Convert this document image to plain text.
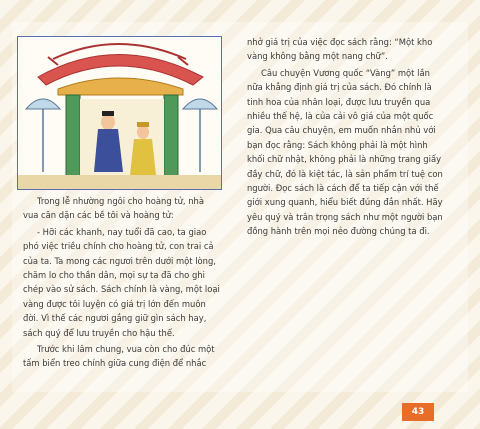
Trong lễ nhường ngôi cho hoàng tử, nhà vua căn dặn các bề tôi và hoàng tử:

- Hỡi các khanh, nay tuổi đã cao, ta giao phó việc triều chính cho hoàng tử, con trai cả của ta. Ta mong các ngươi trên dưới một lòng, chăm lo cho thần dân, mọi sự ta đã cho ghi chép vào sử sách. Sách chính là vàng, một loại vàng được tôi luyện có giá trị lớn đến muôn đời. Vì thế các ngươi gắng giữ gìn sách hay, sách quý để lưu truyền cho hậu thế.

Trước khi lâm chung, vua còn cho đúc một tấm biển treo chính giữa cung điện để nhắc

nhở giá trị của việc đọc sách rằng: “Một kho vàng không bằng một nang chữ”.

Câu chuyện Vương quốc “Vàng” một lần nữa khẳng định giá trị của sách. Đó chính là tinh hoa của nhân loại, được lưu truyền qua nhiều thế hệ, là của cải vô giá của một quốc gia. Qua câu chuyện, em muốn nhắn nhủ với bạn đọc rằng: Sách không phải là một hình khối chữ nhật, không phải là những trang giấy đầy chữ, đó là kiệt tác, là sản phẩm trí tuệ con người. Đọc sách là cách để ta tiếp cận với thế giới xung quanh, hiểu biết đúng đắn nhất. Hãy yêu quý và trân trọng sách như một người bạn đồng hành trên mọi nẻo đường chúng ta đi.

43
